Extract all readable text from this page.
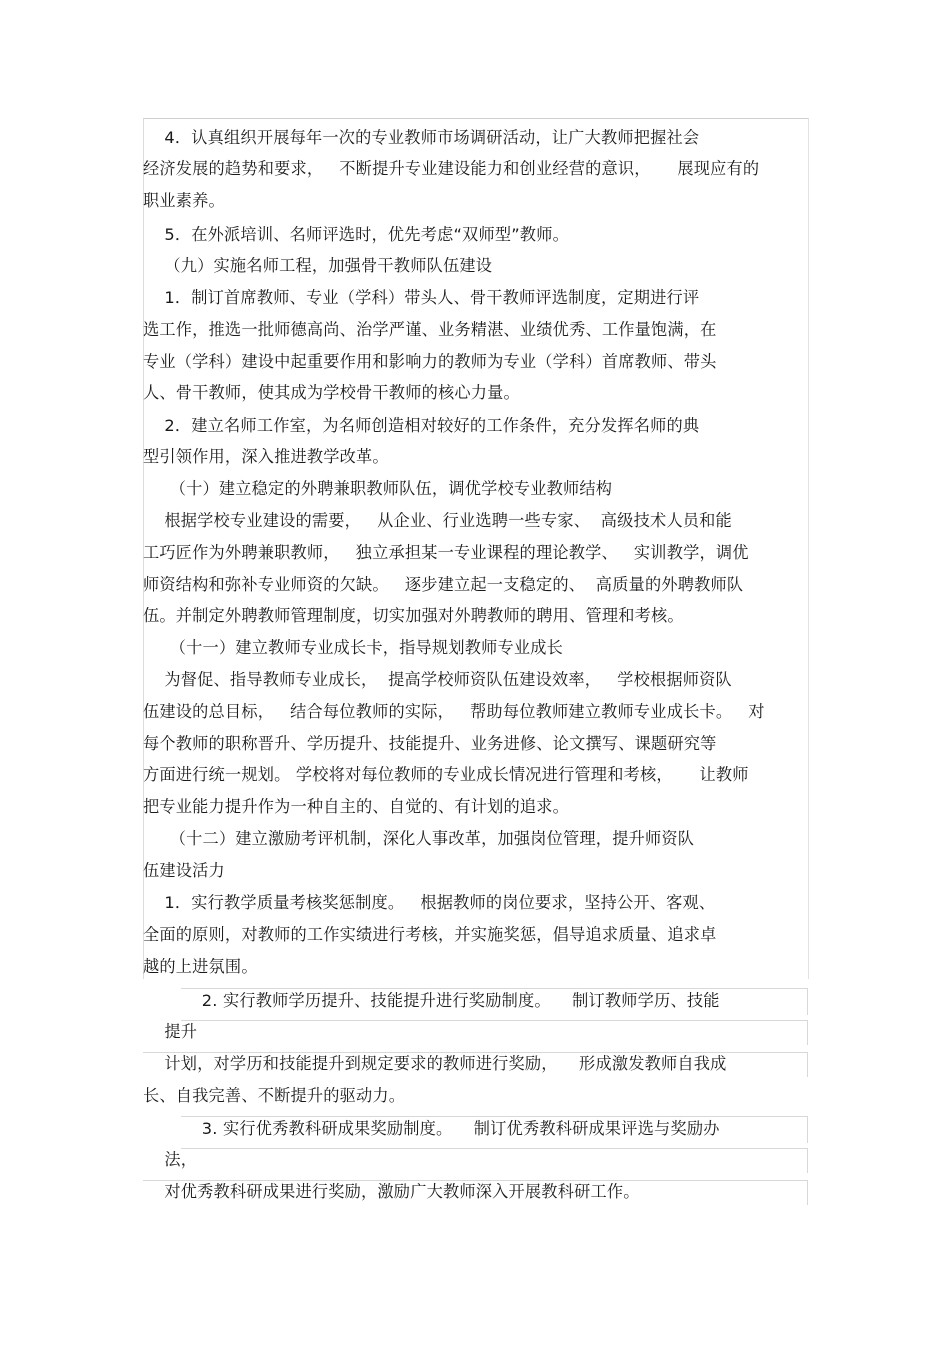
4．认真组织开展每年一次的专业教师市场调研活动，让广大教师把握社会
经济发展的趋势和要求，   不断提升专业建设能力和创业经营的意识，     展现应有的
职业素养。
5．在外派培训、名师评选时，优先考虑“双师型”教师。
（九）实施名师工程，加强骨干教师队伍建设
1．制订首席教师、专业（学科）带头人、骨干教师评选制度，定期进行评
选工作，推选一批师德高尚、治学严谨、业务精湛、业绩优秀、工作量饱满，在
专业（学科）建设中起重要作用和影响力的教师为专业（学科）首席教师、带头
人、骨干教师，使其成为学校骨干教师的核心力量。
2．建立名师工作室，为名师创造相对较好的工作条件，充分发挥名师的典
型引领作用，深入推进教学改革。
（十）建立稳定的外聘兼职教师队伍，调优学校专业教师结构
根据学校专业建设的需要，   从企业、行业选聘一些专家、  高级技术人员和能
工巧匠作为外聘兼职教师，   独立承担某一专业课程的理论教学、   实训教学，调优
师资结构和弥补专业师资的欠缺。   逐步建立起一支稳定的、  高质量的外聘教师队
伍。并制定外聘教师管理制度，切实加强对外聘教师的聘用、管理和考核。
（十一）建立教师专业成长卡，指导规划教师专业成长
为督促、指导教师专业成长，  提高学校师资队伍建设效率，   学校根据师资队
伍建设的总目标，   结合每位教师的实际，   帮助每位教师建立教师专业成长卡。   对
每个教师的职称晋升、学历提升、技能提升、业务进修、论文撰写、课题研究等
方面进行统一规划。 学校将对每位教师的专业成长情况进行管理和考核，     让教师
把专业能力提升作为一种自主的、自觉的、有计划的追求。
（十二）建立激励考评机制，深化人事改革，加强岗位管理，提升师资队
伍建设活力
1．实行教学质量考核奖惩制度。   根据教师的岗位要求，坚持公开、客观、
全面的原则，对教师的工作实绩进行考核，并实施奖惩，倡导追求质量、追求卓
越的上进氛围。
2. 实行教师学历提升、技能提升进行奖励制度。    制订教师学历、技能
提升
计划，对学历和技能提升到规定要求的教师进行奖励，    形成激发教师自我成
长、自我完善、不断提升的驱动力。
3. 实行优秀教科研成果奖励制度。    制订优秀教科研成果评选与奖励办
法，
对优秀教科研成果进行奖励，激励广大教师深入开展教科研工作。
